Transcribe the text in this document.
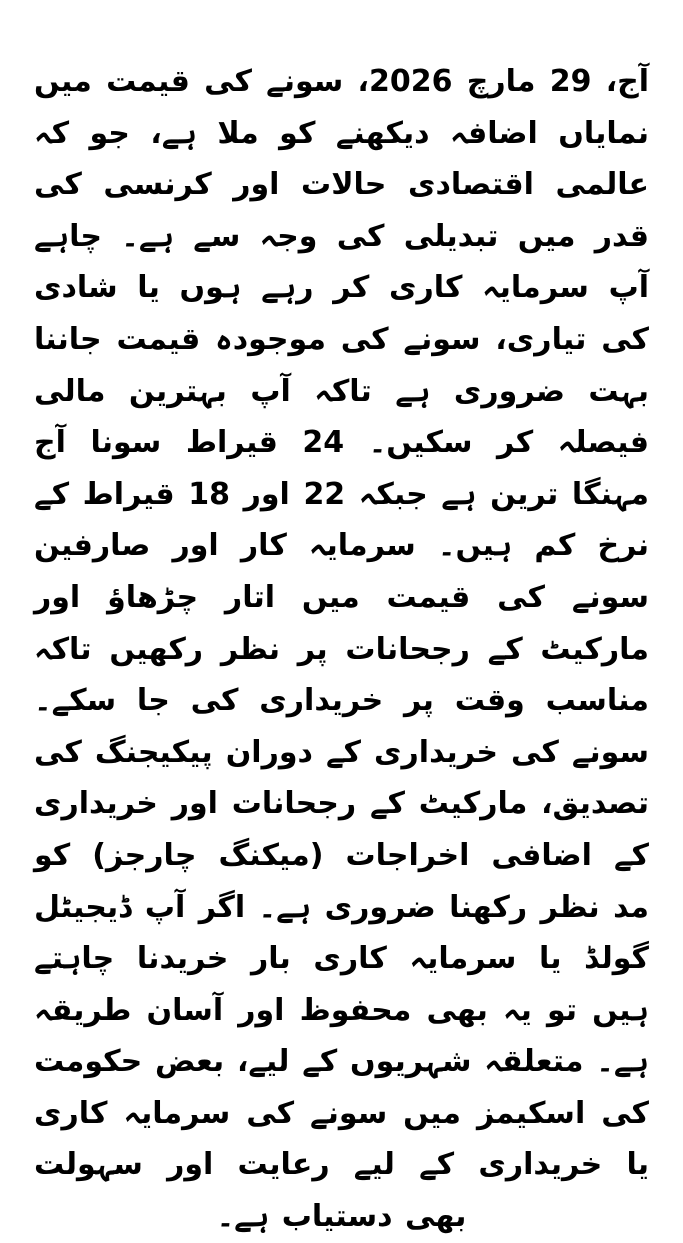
آج، 29 مارچ 2026، سونے کی قیمت میں نمایاں اضافہ دیکھنے کو ملا ہے، جو کہ عالمی اقتصادی حالات اور کرنسی کی قدر میں تبدیلی کی وجہ سے ہے۔ چاہے آپ سرمایہ کاری کر رہے ہوں یا شادی کی تیاری، سونے کی موجودہ قیمت جاننا بہت ضروری ہے تاکہ آپ بہترین مالی فیصلہ کر سکیں۔ 24 قیراط سونا آج مہنگا ترین ہے جبکہ 22 اور 18 قیراط کے نرخ کم ہیں۔ سرمایہ کار اور صارفین سونے کی قیمت میں اتار چڑھاؤ اور مارکیٹ کے رجحانات پر نظر رکھیں تاکہ مناسب وقت پر خریداری کی جا سکے۔ سونے کی خریداری کے دوران پیکیجنگ کی تصدیق، مارکیٹ کے رجحانات اور خریداری کے اضافی اخراجات (میکنگ چارجز) کو مد نظر رکھنا ضروری ہے۔ اگر آپ ڈیجیٹل گولڈ یا سرمایہ کاری بار خریدنا چاہتے ہیں تو یہ بھی محفوظ اور آسان طریقہ ہے۔ متعلقہ شہریوں کے لیے، بعض حکومت کی اسکیمز میں سونے کی سرمایہ کاری یا خریداری کے لیے رعایت اور سہولت بھی دستیاب ہے۔
